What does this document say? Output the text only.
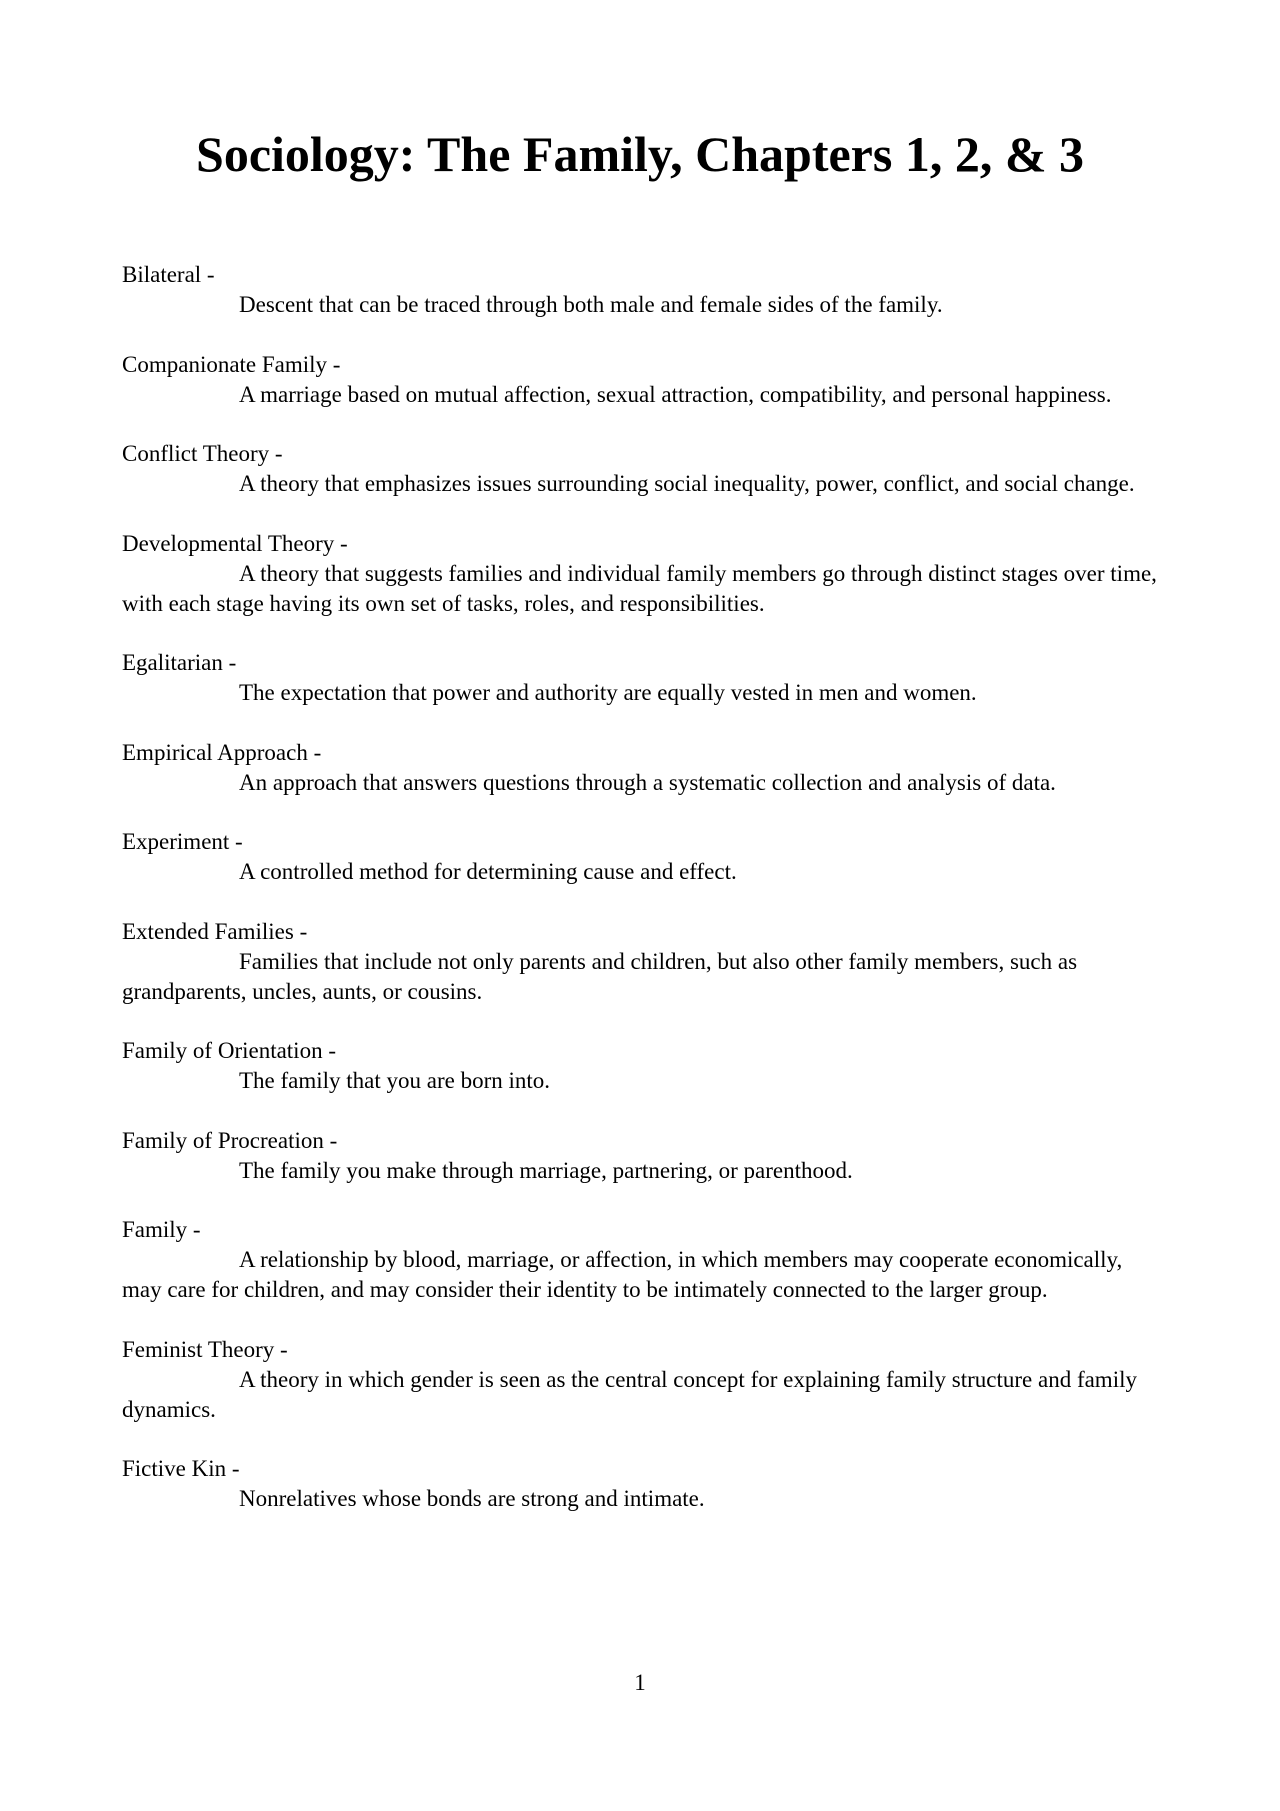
Sociology: The Family, Chapters 1, 2, & 3
Bilateral -
Descent that can be traced through both male and female sides of the family.
Companionate Family -
A marriage based on mutual affection, sexual attraction, compatibility, and personal happiness.
Conflict Theory -
A theory that emphasizes issues surrounding social inequality, power, conflict, and social change.
Developmental Theory -
A theory that suggests families and individual family members go through distinct stages over time, with each stage having its own set of tasks, roles, and responsibilities.
Egalitarian -
The expectation that power and authority are equally vested in men and women.
Empirical Approach -
An approach that answers questions through a systematic collection and analysis of data.
Experiment -
A controlled method for determining cause and effect.
Extended Families -
Families that include not only parents and children, but also other family members, such as grandparents, uncles, aunts, or cousins.
Family of Orientation -
The family that you are born into.
Family of Procreation -
The family you make through marriage, partnering, or parenthood.
Family -
A relationship by blood, marriage, or affection, in which members may cooperate economically, may care for children, and may consider their identity to be intimately connected to the larger group.
Feminist Theory -
A theory in which gender is seen as the central concept for explaining family structure and family dynamics.
Fictive Kin -
Nonrelatives whose bonds are strong and intimate.
1
